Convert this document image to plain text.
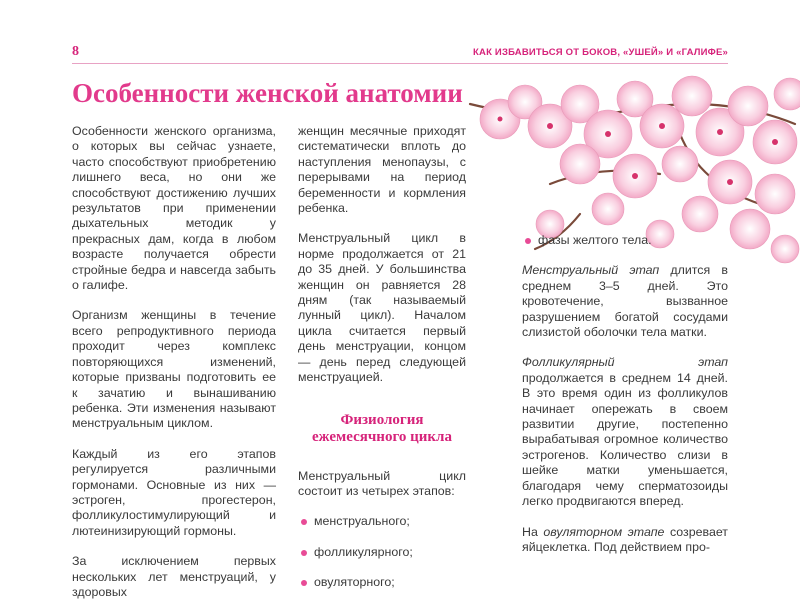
8	КАК ИЗБАВИТЬСЯ ОТ БОКОВ, «УШЕЙ» И «ГАЛИФЕ»
Особенности женской анатомии

Особенности женского организма, о которых вы сейчас узнаете, часто способствуют приобретению лишнего веса, но они же способствуют достижению лучших результатов при применении дыхательных методик у прекрасных дам, когда в любом возрасте получается обрести стройные бедра и навсегда забыть о галифе.

Организм женщины в течение всего репродуктивного периода проходит через комплекс повторяющихся изменений, которые призваны подготовить ее к зачатию и вынашиванию ребенка. Эти изменения называют менструальным циклом.

Каждый из его этапов регулируется различными гормонами. Основные из них — эстроген, прогестерон, фолликулостимулирующий и лютеинизирующий гормоны.

За исключением первых нескольких лет менструаций, у здоровых

женщин месячные приходят систематически вплоть до наступления менопаузы, с перерывами на период беременности и кормления ребенка.

Менструальный цикл в норме продолжается от 21 до 35 дней. У большинства женщин он равняется 28 дням (так называемый лунный цикл). Началом цикла считается первый день менструации, концом — день перед следующей менструацией.

Физиология
ежемесячного цикла

Менструальный цикл состоит из четырех этапов:

менструального;
фолликулярного;
овуляторного;
фазы желтого тела.

Менструальный этап длится в среднем 3–5 дней. Это кровотечение, вызванное разрушением богатой сосудами слизистой оболочки тела матки.

Фолликулярный этап продолжается в среднем 14 дней. В это время один из фолликулов начинает опережать в своем развитии другие, постепенно вырабатывая огромное количество эстрогенов. Количество слизи в шейке матки уменьшается, благодаря чему сперматозоиды легко продвигаются вперед.

На овуляторном этапе созревает яйцеклетка. Под действием про-
